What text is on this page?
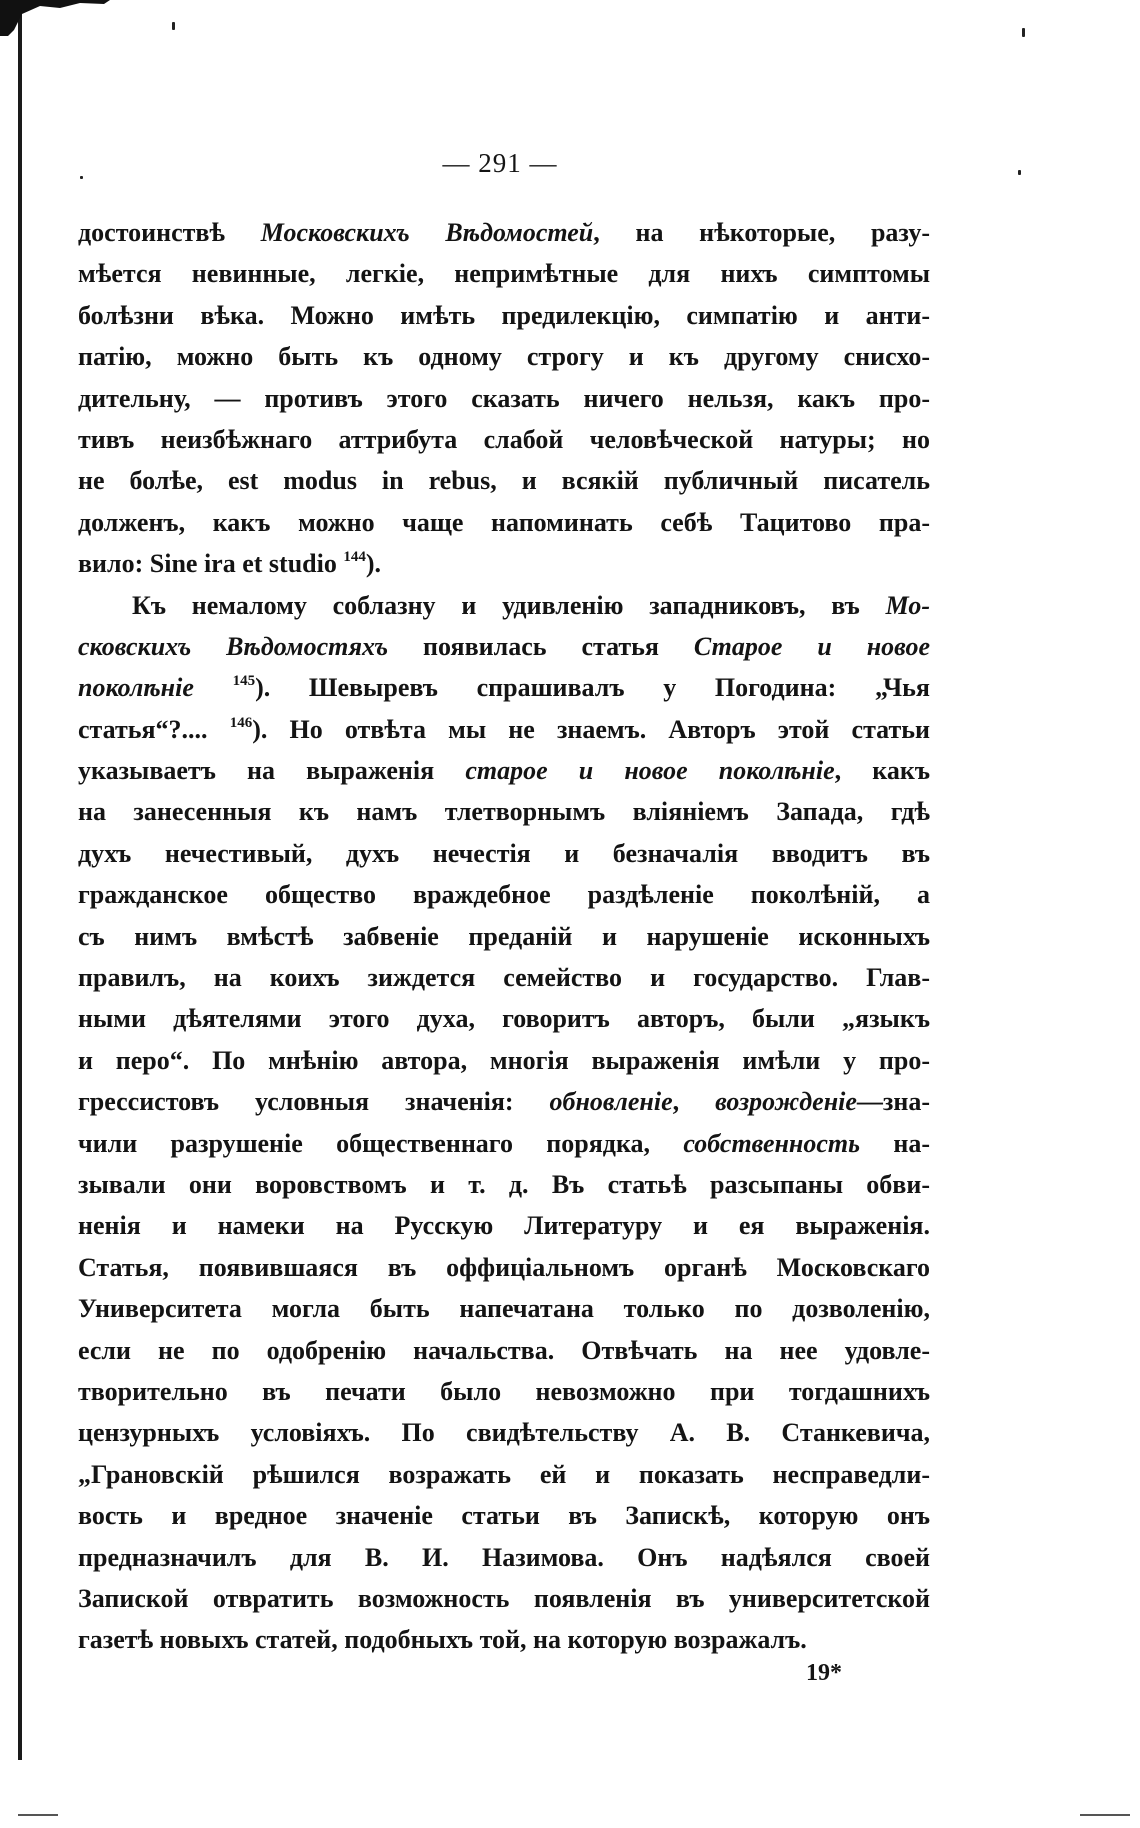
— 291 —
достоинствѣ Московскихъ Вѣдомостей, на нѣкоторые, разу-
мѣется невинные, легкіе, непримѣтные для нихъ симптомы
болѣзни вѣка. Можно имѣть предилекцію, симпатію и анти-
патію, можно быть къ одному строгу и къ другому снисхо-
дительну, — противъ этого сказать ничего нельзя, какъ про-
тивъ неизбѣжнаго аттрибута слабой человѣческой натуры; но
не болѣе, est modus in rebus, и всякій публичный писатель
долженъ, какъ можно чаще напоминать себѣ Тацитово пра-
вило: Sine ira et studio $^{144}$).
Къ немалому соблазну и удивленію западниковъ, въ Мо-
сковскихъ Вѣдомостяхъ появилась статья Старое и новое
поколѣніе	$^{145}$). Шевыревъ спрашивалъ у Погодина: „Чья
статья“?.... $^{146}$). Но отвѣта мы не знаемъ. Авторъ этой статьи
указываетъ на выраженія старое и новое поколѣніе, какъ
на занесенныя къ намъ тлетворнымъ вліяніемъ Запада, гдѣ
духъ нечестивый, духъ нечестія и безначалія вводитъ въ
гражданское общество враждебное раздѣленіе поколѣній, а
съ нимъ вмѣстѣ забвеніе преданій и нарушеніе исконныхъ
правилъ, на коихъ зиждется семейство и государство. Глав-
ными дѣятелями этого духа, говоритъ авторъ, были „языкъ
и перо“. По мнѣнію автора, многія выраженія имѣли у про-
грессистовъ условныя значенія: обновленіе, возрожденіе—зна-
чили разрушеніе общественнаго порядка, собственность на-
зывали они воровствомъ и т. д. Въ статьѣ разсыпаны обви-
ненія и намеки на Русскую Литературу и ея выраженія.
Статья, появившаяся въ оффиціальномъ органѣ Московскаго
Университета могла быть напечатана только по дозволенію,
если не по одобренію начальства. Отвѣчать на нее удовле-
творительно въ печати было невозможно при тогдашнихъ
цензурныхъ условіяхъ. По свидѣтельству А. В. Станкевича,
„Грановскій рѣшился возражать ей и показать несправедли-
вость и вредное значеніе статьи въ Запискѣ, которую онъ
предназначилъ для В. И. Назимова. Онъ надѣялся своей
Запиской отвратить возможность появленія въ университетской
газетѣ новыхъ статей, подобныхъ той, на которую возражалъ.
19*
